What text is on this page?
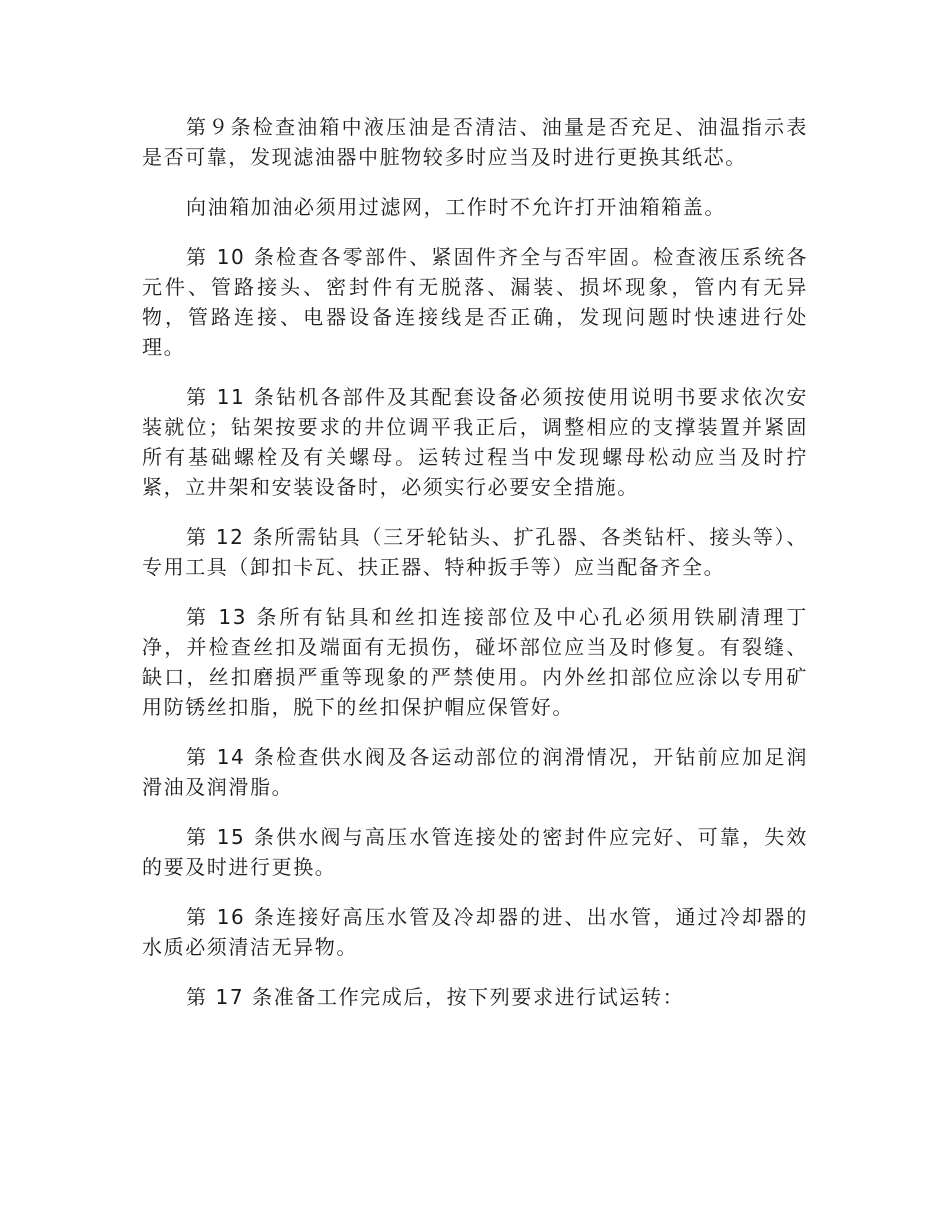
第９条检查油箱中液压油是否清洁、油量是否充足、油温指示表是否可靠，发现滤油器中脏物较多时应当及时进行更换其纸芯。

向油箱加油必须用过滤网，工作时不允许打开油箱箱盖。

第 10 条检查各零部件、紧固件齐全与否牢固。检查液压系统各元件、管路接头、密封件有无脱落、漏装、损坏现象，管内有无异物，管路连接、电器设备连接线是否正确，发现问题时快速进行处理。

第 11 条钻机各部件及其配套设备必须按使用说明书要求依次安装就位；钻架按要求的井位调平我正后，调整相应的支撑装置并紧固所有基础螺栓及有关螺母。运转过程当中发现螺母松动应当及时拧紧，立井架和安装设备时，必须实行必要安全措施。

第 12 条所需钻具（三牙轮钻头、扩孔器、各类钻杆、接头等）、专用工具（卸扣卡瓦、扶正器、特种扳手等）应当配备齐全。

第 13 条所有钻具和丝扣连接部位及中心孔必须用铁刷清理丁净，并检查丝扣及端面有无损伤，碰坏部位应当及时修复。有裂缝、缺口，丝扣磨损严重等现象的严禁使用。内外丝扣部位应涂以专用矿用防锈丝扣脂，脱下的丝扣保护帽应保管好。

第 14 条检查供水阀及各运动部位的润滑情况，开钻前应加足润滑油及润滑脂。

第 15 条供水阀与高压水管连接处的密封件应完好、可靠，失效的要及时进行更换。

第 16 条连接好高压水管及冷却器的进、出水管，通过冷却器的水质必须清洁无异物。

第 17 条准备工作完成后，按下列要求进行试运转：
